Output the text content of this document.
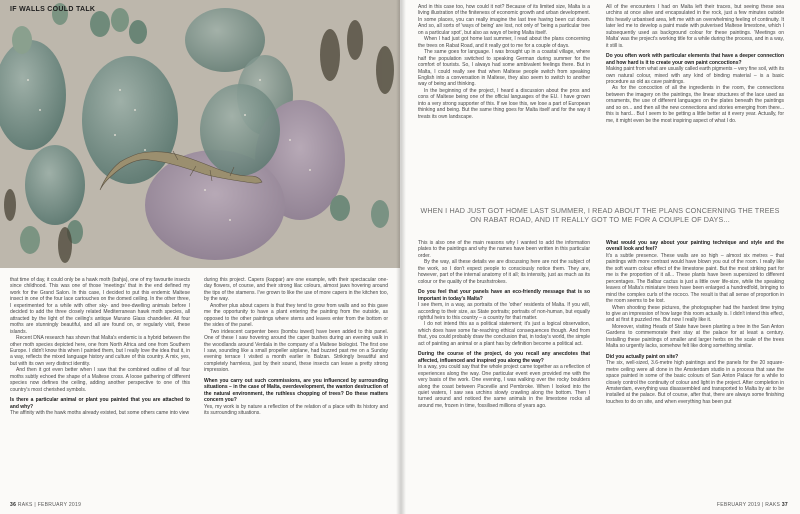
IF WALLS COULD TALK

that time of day, it could only be a hawk moth (baħja), one of my favourite insects since childhood. This was one of those 'meetings' that in the end defined my work for the Grand Salon. In this case, I decided to put this endemic Maltese insect in one of the four lace cartouches on the domed ceiling. In the other three, I experimented for a while with other sky- and tree-dwelling animals before I decided to add the three closely related Mediterranean hawk moth species, all attracted by the light of the ceiling's antique Murano Glass chandelier. All four moths are stunningly beautiful, and all are found on, or regularly visit, these islands.

Recent DNA research has shown that Malta's endemic is a hybrid between the other moth species depicted here, one from North Africa and one from Southern Europe. I didn't know this when I painted them, but I really love the idea that it, in a way, reflects the mixed language history and culture of this country. A mix, yes, but with its own very distinct identity.

And then it got even better when I saw that the combined outline of all four moths subtly echoed the shape of a Maltese cross. A loose gathering of different species now defines the ceiling, adding another perspective to one of this country's most cherished symbols.

Is there a particular animal or plant you painted that you are attached to and why?

The affinity with the hawk moths already existed, but some others came into view

during this project. Capers (kappar) are one example, with their spectacular one-day flowers, of course, and their strong lilac colours, almost jaws hovering around the tips of the stamens. I've grown to like the use of more capers in the kitchen too, by the way.

Another plus about capers is that they tend to grow from walls and so this gave me the opportunity to have a plant entering the painting from the outside, as opposed to the other paintings where stems and leaves enter from the bottom or the sides of the panel.

Two iridescent carpenter bees (bombu iswed) have been added to this panel. One of these I saw hovering around the caper bushes during an evening walk in the woodlands around Verdala in the company of a Maltese biologist. The first one I saw, sounding like a small propeller airplane, had buzzed past me on a Sunday evening terrace I visited a month earlier in Balzan. Strikingly beautiful and completely harmless, just by their sound, these insects can leave a pretty strong impression.

When you carry out such commissions, are you influenced by surrounding situations – in the case of Malta, overdevelopment, the wanton destruction of the natural environment, the ruthless chopping of trees? Do these matters concern you?

Yes, my work is by nature a reflection of the relation of a place with its history and its surrounding situations.

36 RAKS | FEBRUARY 2019

And in this case too, how could it not? Because of its limited size, Malta is a living illustration of the finiteness of economic growth and urban development. In some places, you can really imagine the last tree having been cut down. And so, all sorts of 'ways of being' are lost, not only of 'being a particular tree on a particular spot', but also as ways of being Malta itself.

When I had just got home last summer, I read about the plans concerning the trees on Rabat Road, and it really got to me for a couple of days.

The same goes for language. I was brought up in a coastal village, where half the population switched to speaking German during summer for the comfort of tourists. So, I always had some ambivalent feelings there. But in Malta, I could really see that when Maltese people switch from speaking English into a conversation in Maltese, they also seem to switch to another way of being and thinking.

In the beginning of the project, I heard a discussion about the pros and cons of Maltese being one of the official languages of the EU. I have grown into a very strong supporter of this. If we lose this, we lose a part of European thinking and being. But the same thing goes for Malta itself and for the way it treats its own landscape.

All of the encounters I had on Malta left their traces, but seeing these sea urchins at once alive and encapsulated in the rock, just a few minutes outside this heavily urbanised area, left me with an overwhelming feeling of continuity. It later led me to develop a paint made with pulverised Maltese limestone, which I subsequently used as background colour for these paintings. 'Meetings on Malta' was the project's working title for a while during the process, and in a way, it still is.

Do you often work with particular elements that have a deeper connection and how hard is it to create your own paint concoctions?

Making paint from what are usually called earth pigments – very fine soil, with its own natural colour, mixed with any kind of binding material – is a basic procedure as old as cave paintings.

As for the concoction of all the ingredients in the room, the connections between the imagery on the paintings, the linear structures of the lace used as ornaments, the use of different languages on the plates beneath the paintings and so on... and then all the new connections and stories emerging from there... this is hard... But I seem to be getting a little better at it every year. Actually, for me, it might even be the most inspiring aspect of what I do.

WHEN I HAD JUST GOT HOME LAST SUMMER, I READ ABOUT THE PLANS CONCERNING THE TREES ON RABAT ROAD, AND IT REALLY GOT TO ME FOR A COUPLE OF DAYS...

This is also one of the main reasons why I wanted to add the information plates to the paintings and why the names have been written in this particular order.

By the way, all these details we are discussing here are not the subject of the work, so I don't expect people to consciously notice them. They are, however, part of the internal anatomy of it all; its intensity, just as much as its colour or the quality of the brushstrokes.

Do you feel that your panels have an eco-friendly message that is so important in today's Malta?

I see them, in a way, as portraits of the 'other' residents of Malta. If you will, according to their size, as State portraits; portraits of non-human, but equally rightful heirs to this country – a country for that matter.

I do not intend this as a political statement; it's just a logical observation, which does have some far-reaching ethical consequences though. And from that, you could probably draw the conclusion that, in today's world, the simple act of painting an animal or a plant has by definition become a political act.

During the course of the project, do you recall any anecdotes that affected, influenced and inspired you along the way?

In a way, you could say that the whole project came together as a reflection of experiences along the way. One particular event even provided me with the very basis of the work. One evening, I was walking over the rocky boulders along the coast between Paceville and Pembroke. When I looked into the quiet waters, I saw sea urchins slowly crawling along the bottom. Then I turned around and noticed the same animals in the limestone rocks all around me, frozen in time, fossilised millions of years ago.

What would you say about your painting technique and style and the overall look and feel?

It's a subtle presence. These walls are so high – almost six metres – that paintings with more contrast would have blown you out of the room. I really like the soft warm colour effect of the limestone paint. But the most striking part for me is the proportion of it all... These plants have been supersized to different percentages. The Balbar cactus is just a little over life-size, while the speaking leaves of Malta's miniature trees have been enlarged a hundredfold, bringing to mind the complex curls of the rococo. The result is that all sense of proportion in the room seems to be lost.

When shooting these pictures, the photographer had the hardest time trying to give an impression of how large this room actually is. I didn't intend this effect, and at first it puzzled me. But now I really like it.

Moreover, visiting Heads of State have been planting a tree in the San Anton Gardens to commemorate their stay at the palace for at least a century. Installing these paintings of smaller and larger herbs on the scale of the trees Malta so urgently lacks, somehow felt like doing something similar.

Did you actually paint on site?

The six, well-sized, 3.6-metre high paintings and the panels for the 20 square-metre ceiling were all done in the Amsterdam studio in a process that saw the space painted in some of the basic colours of San Anton Palace for a while to closely control the continuity of colour and light in the project. After completion in Amsterdam, everything was disassembled and transported to Malta by air to be installed at the palace. But of course, after that, there are always some finishing touches to do on site, and when everything has been put

FEBRUARY 2019 | RAKS 37
